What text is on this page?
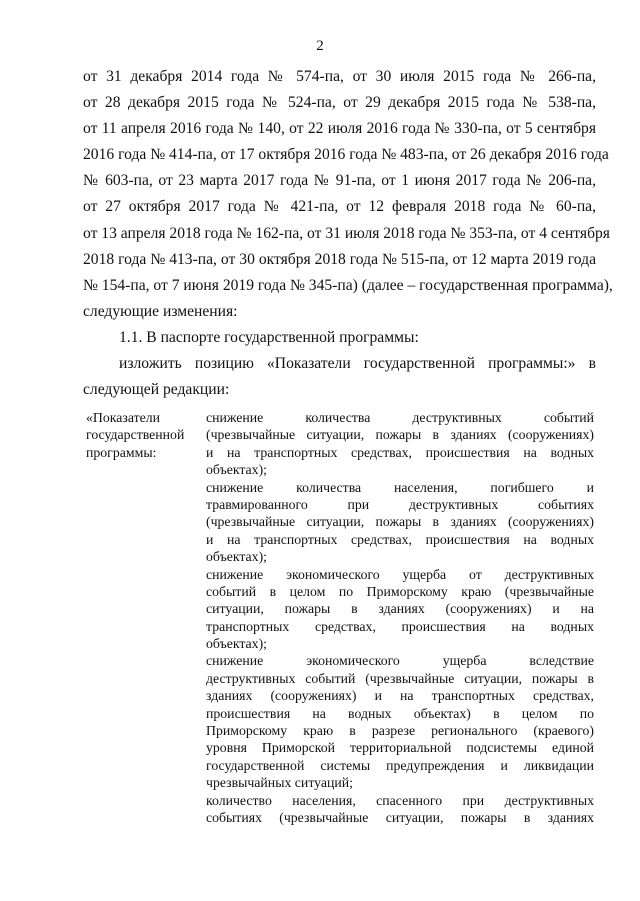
2
от 31 декабря 2014 года № 574-па, от 30 июля 2015 года № 266-па,
от 28 декабря 2015 года № 524-па, от 29 декабря 2015 года № 538-па,
от 11 апреля 2016 года № 140, от 22 июля 2016 года № 330-па, от 5 сентября
2016 года № 414-па, от 17 октября 2016 года № 483-па, от 26 декабря 2016 года
№ 603-па, от 23 марта 2017 года № 91-па, от 1 июня 2017 года № 206-па,
от 27 октября 2017 года № 421-па, от 12 февраля 2018 года № 60-па,
от 13 апреля 2018 года № 162-па, от 31 июля 2018 года № 353-па, от 4 сентября
2018 года № 413-па, от 30 октября 2018 года № 515-па, от 12 марта 2019 года
№ 154-па, от 7 июня 2019 года № 345-па) (далее – государственная программа),
следующие изменения:
1.1. В паспорте государственной программы:
изложить позицию «Показатели государственной программы:» в
следующей редакции:
«Показатели
государственной
программы:
снижение количества деструктивных событий
(чрезвычайные ситуации, пожары в зданиях (сооружениях)
и на транспортных средствах, происшествия на водных
объектах);
снижение количества населения, погибшего и
травмированного при деструктивных событиях
(чрезвычайные ситуации, пожары в зданиях (сооружениях)
и на транспортных средствах, происшествия на водных
объектах);
снижение экономического ущерба от деструктивных
событий в целом по Приморскому краю (чрезвычайные
ситуации, пожары в зданиях (сооружениях) и на
транспортных средствах, происшествия на водных
объектах);
снижение экономического ущерба вследствие
деструктивных событий (чрезвычайные ситуации, пожары в
зданиях (сооружениях) и на транспортных средствах,
происшествия на водных объектах) в целом по
Приморскому краю в разрезе регионального (краевого)
уровня Приморской территориальной подсистемы единой
государственной системы предупреждения и ликвидации
чрезвычайных ситуаций;
количество населения, спасенного при деструктивных
событиях (чрезвычайные ситуации, пожары в зданиях
